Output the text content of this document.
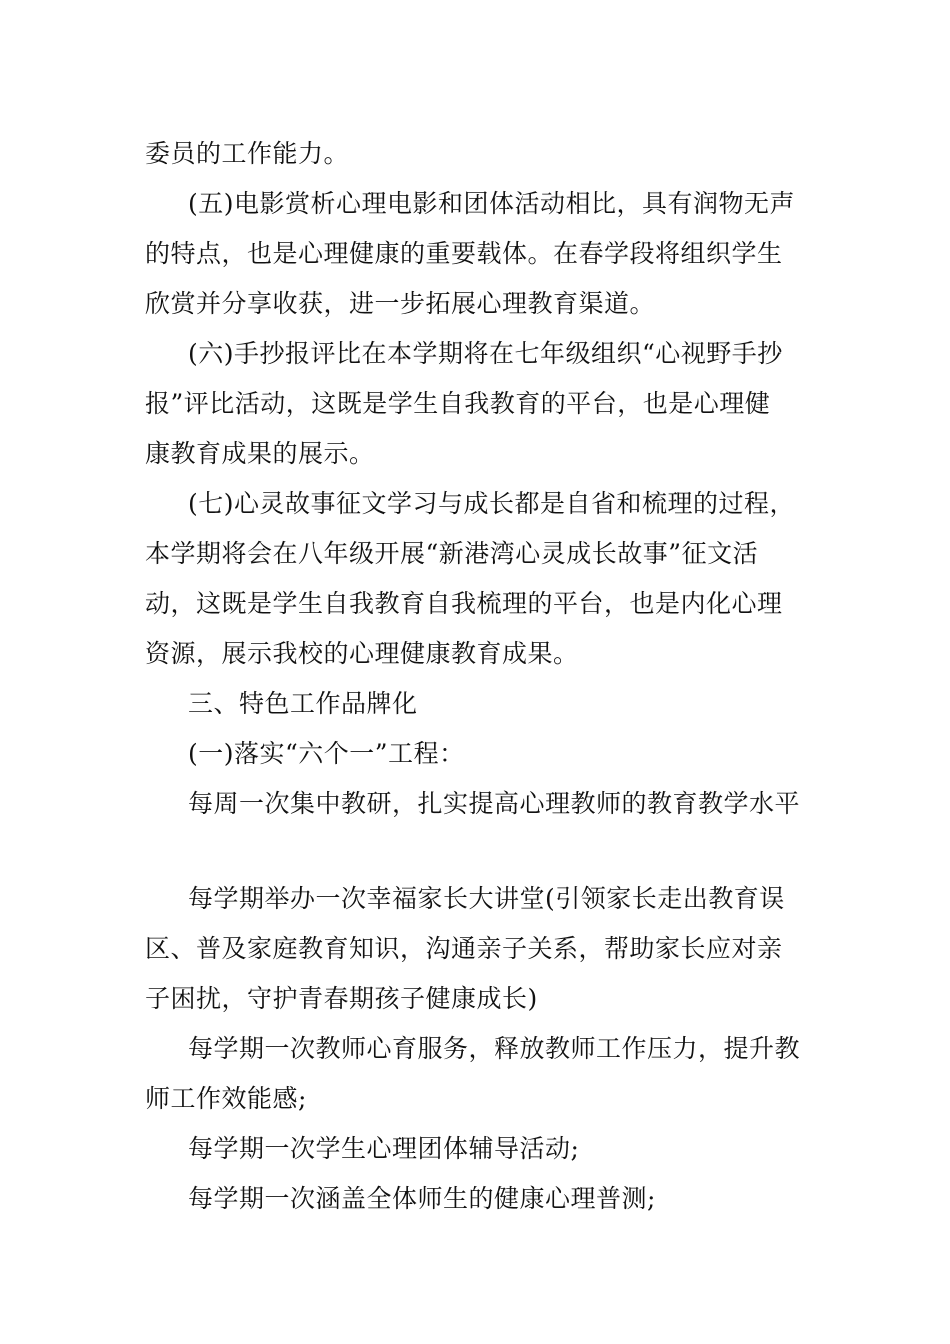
委员的工作能力。
(五)电影赏析心理电影和团体活动相比，具有润物无声
的特点，也是心理健康的重要载体。在春学段将组织学生
欣赏并分享收获，进一步拓展心理教育渠道。
(六)手抄报评比在本学期将在七年级组织“心视野手抄
报”评比活动，这既是学生自我教育的平台，也是心理健
康教育成果的展示。
(七)心灵故事征文学习与成长都是自省和梳理的过程，
本学期将会在八年级开展“新港湾心灵成长故事”征文活
动，这既是学生自我教育自我梳理的平台，也是内化心理
资源，展示我校的心理健康教育成果。
三、特色工作品牌化
(一)落实“六个一”工程：
每周一次集中教研，扎实提高心理教师的教育教学水平
每学期举办一次幸福家长大讲堂(引领家长走出教育误
区、普及家庭教育知识，沟通亲子关系，帮助家长应对亲
子困扰，守护青春期孩子健康成长)
每学期一次教师心育服务，释放教师工作压力，提升教
师工作效能感;
每学期一次学生心理团体辅导活动;
每学期一次涵盖全体师生的健康心理普测;
